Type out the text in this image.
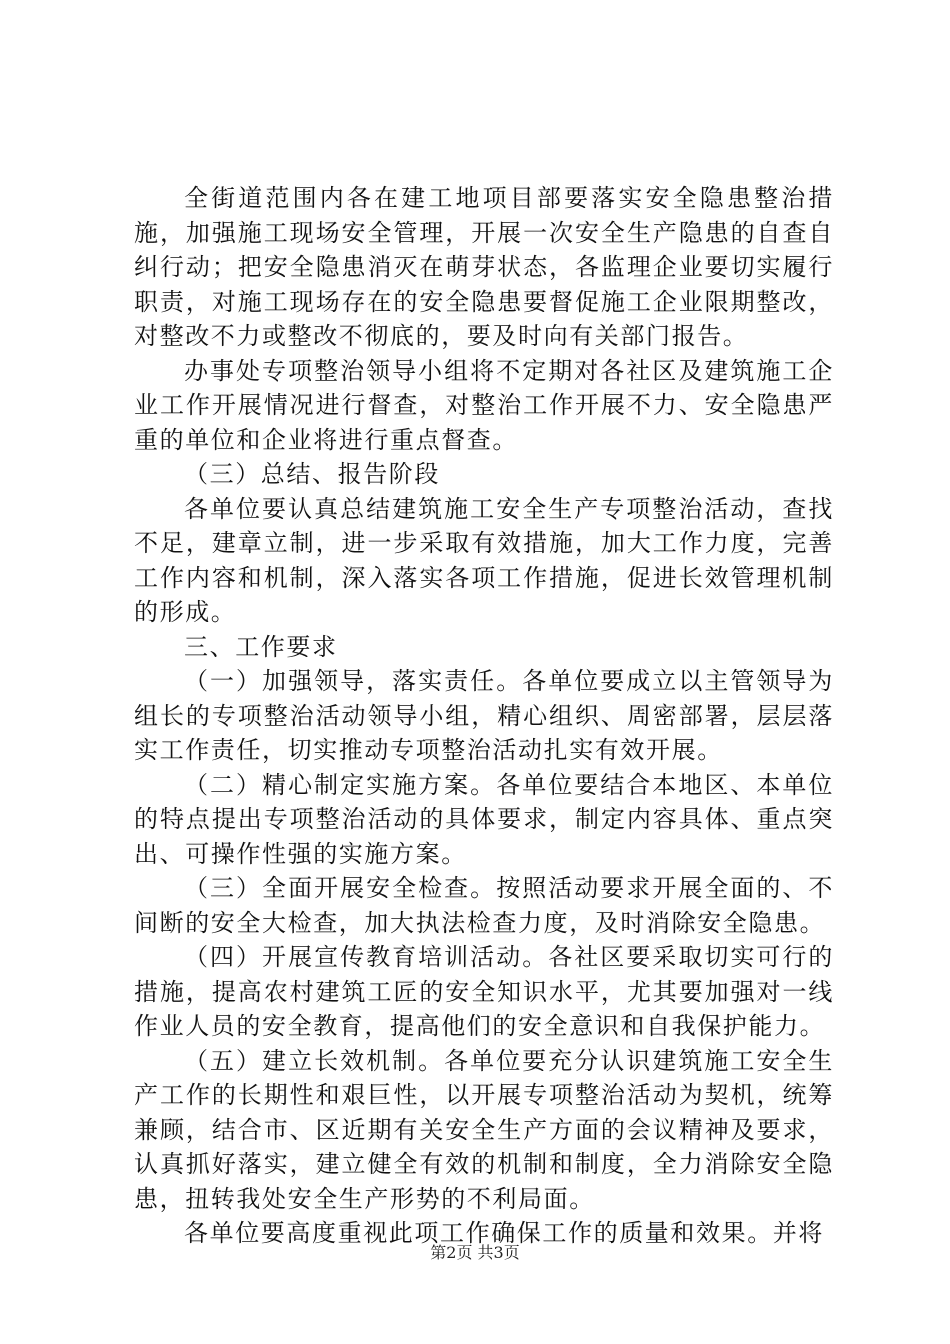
全街道范围内各在建工地项目部要落实安全隐患整治措施，加强施工现场安全管理，开展一次安全生产隐患的自查自纠行动；把安全隐患消灭在萌芽状态，各监理企业要切实履行职责，对施工现场存在的安全隐患要督促施工企业限期整改，对整改不力或整改不彻底的，要及时向有关部门报告。

办事处专项整治领导小组将不定期对各社区及建筑施工企业工作开展情况进行督查，对整治工作开展不力、安全隐患严重的单位和企业将进行重点督查。

（三）总结、报告阶段

各单位要认真总结建筑施工安全生产专项整治活动，查找不足，建章立制，进一步采取有效措施，加大工作力度，完善工作内容和机制，深入落实各项工作措施，促进长效管理机制的形成。

三、工作要求

（一）加强领导，落实责任。各单位要成立以主管领导为组长的专项整治活动领导小组，精心组织、周密部署，层层落实工作责任，切实推动专项整治活动扎实有效开展。

（二）精心制定实施方案。各单位要结合本地区、本单位的特点提出专项整治活动的具体要求，制定内容具体、重点突出、可操作性强的实施方案。

（三）全面开展安全检查。按照活动要求开展全面的、不间断的安全大检查，加大执法检查力度，及时消除安全隐患。

（四）开展宣传教育培训活动。各社区要采取切实可行的措施，提高农村建筑工匠的安全知识水平，尤其要加强对一线作业人员的安全教育，提高他们的安全意识和自我保护能力。

（五）建立长效机制。各单位要充分认识建筑施工安全生产工作的长期性和艰巨性，以开展专项整治活动为契机，统筹兼顾，结合市、区近期有关安全生产方面的会议精神及要求，认真抓好落实，建立健全有效的机制和制度，全力消除安全隐患，扭转我处安全生产形势的不利局面。

各单位要高度重视此项工作确保工作的质量和效果。并将

第2页 共3页
